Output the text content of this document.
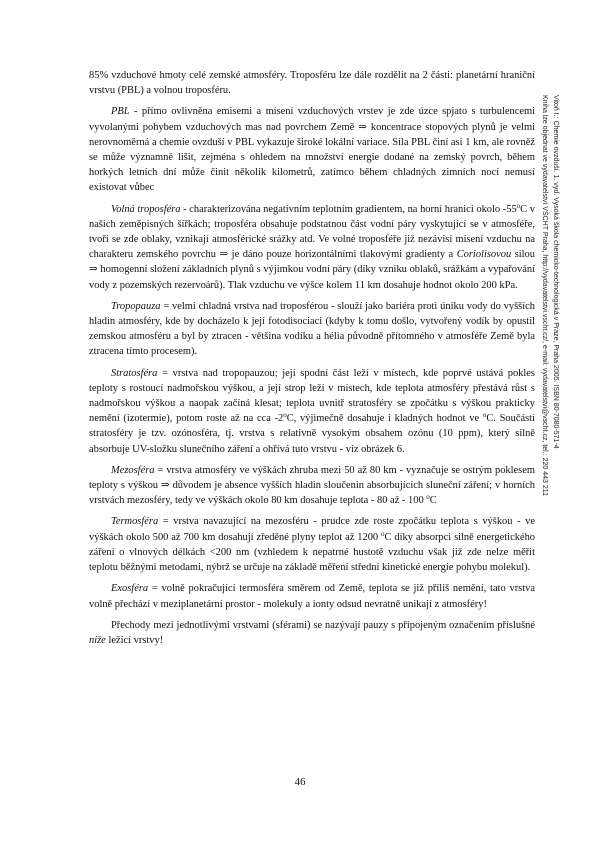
85% vzduchové hmoty celé zemské atmosféry. Troposféru lze dále rozdělit na 2 části: planetární hraniční vrstvu (PBL) a volnou troposféru.

PBL - přímo ovlivněna emisemi a mísení vzduchových vrstev je zde úzce spjato s turbulencemi vyvolanými pohybem vzduchových mas nad povrchem Země ⇒ koncentrace stopových plynů je velmi nerovnoměrná a chemie ovzduší v PBL vykazuje široké lokální variace. Síla PBL činí asi 1 km, ale rovněž se může významně lišit, zejména s ohledem na množství energie dodané na zemský povrch, během horkých letních dní může činit několik kilometrů, zatímco během chladných zimních nocí nemusí existovat vůbec

Volná troposféra - charakterizována negativním teplotním gradientem, na horní hranici okolo -55$^o$C v našich zeměpisných šířkách; troposféra obsahuje podstatnou část vodní páry vyskytující se v atmosféře, tvoří se zde oblaky, vznikají atmosférické srážky atd. Ve volné troposféře již nezávisí mísení vzduchu na charakteru zemského povrchu ⇒ je dáno pouze horizontálními tlakovými gradienty a Coriolisovou silou ⇒ homogenní složení základních plynů s výjimkou vodní páry (díky vzniku oblaků, srážkám a vypařování vody z pozemských rezervoárů). Tlak vzduchu ve výšce kolem 11 km dosahuje hodnot okolo 200 kPa.

Tropopauza = velmi chladná vrstva nad troposférou - slouží jako bariéra proti úniku vody do vyšších hladin atmosféry, kde by docházelo k její fotodisociaci (kdyby k tomu došlo, vytvořený vodík by opustil zemskou atmosféru a byl by ztracen - většina vodíku a hélia původně přítomného v atmosféře Země byla ztracena tímto procesem).

Stratosféra = vrstva nad tropopauzou; její spodní část leží v místech, kde poprvé ustává pokles teploty s rostoucí nadmořskou výškou, a její strop leží v místech, kde teplota atmosféry přestává růst s nadmořskou výškou a naopak začíná klesat; teplota uvnitř stratosféry se zpočátku s výškou prakticky nemění (izotermie), potom roste až na cca -2$^o$C, výjimečně dosahuje i kladných hodnot ve $^o$C. Součástí stratosféry je tzv. ozónosféra, tj. vrstva s relativně vysokým obsahem ozónu (10 ppm), který silně absorbuje UV-složku slunečního záření a ohřívá tuto vrstvu - viz obrázek 6.

Mezosféra = vrstva atmosféry ve výškách zhruba mezi 50 až 80 km - vyznačuje se ostrým poklesem teploty s výškou ⇒ důvodem je absence vyšších hladin sloučenin absorbujících sluneční záření; v horních vrstvách mezosféry, tedy ve výškách okolo 80 km dosahuje teplota - 80 až - 100 $^o$C

Termosféra = vrstva navazující na mezosféru - prudce zde roste zpočátku teplota s výškou - ve výškách okolo 500 až 700 km dosahují zředěné plyny teplot až 1200 $^o$C díky absorpci silně energetického záření o vlnových délkách <200 nm (vzhledem k nepatrné hustotě vzduchu však již zde nelze měřit teplotu běžnými metodami, nýbrž se určuje na základě měření střední kinetické energie pohybu molekul).

Exosféra = volně pokračující termosféra směrem od Země, teplota se již příliš nemění, tato vrstva volně přechází v meziplanetární prostor - molekuly a ionty odsud nevratně unikají z atmosféry!

Přechody mezi jednotlivými vrstvami (sférami) se nazývají pauzy s připojeným označením příslušné níže ležící vrstvy!

46
Vitoň I.: Chemie ovzduší. 1. vyd. Vysoká škola chemicko-technologická v Praze, Praha 2005. ISBN 80-7080-571-4
Kniha lze objednat ve vydavatelství VŠCHT Praha, http://vydavatelstvi.vscht.cz/, e-mail: vydavatelstvi@vscht.cz, tel.: 220 443 211
